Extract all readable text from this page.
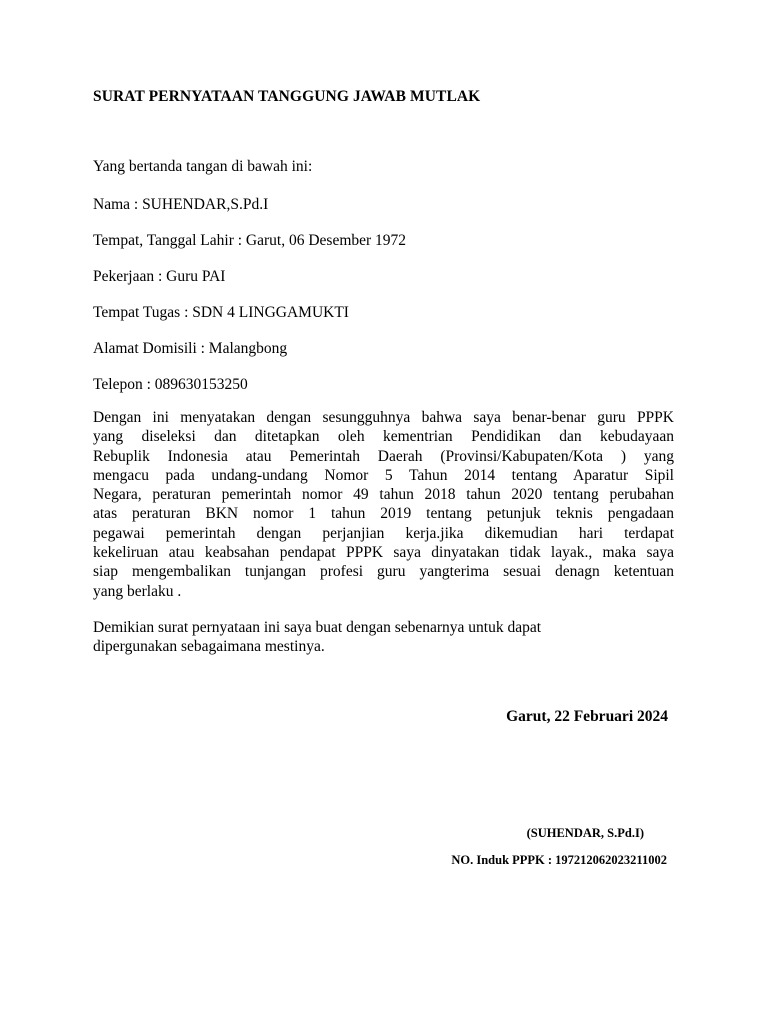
SURAT PERNYATAAN TANGGUNG JAWAB MUTLAK
Yang bertanda tangan di bawah ini:
Nama : SUHENDAR,S.Pd.I
Tempat, Tanggal Lahir : Garut, 06 Desember 1972
Pekerjaan : Guru PAI
Tempat Tugas : SDN 4 LINGGAMUKTI
Alamat Domisili : Malangbong
Telepon : 089630153250
Dengan ini menyatakan dengan sesungguhnya bahwa saya benar-benar guru PPPK
yang diseleksi dan ditetapkan oleh kementrian Pendidikan dan kebudayaan
Rebuplik Indonesia atau Pemerintah Daerah (Provinsi/Kabupaten/Kota ) yang
mengacu pada undang-undang Nomor 5 Tahun 2014 tentang Aparatur Sipil
Negara, peraturan pemerintah nomor 49 tahun 2018 tahun 2020 tentang perubahan
atas peraturan BKN nomor 1 tahun 2019 tentang petunjuk teknis pengadaan
pegawai pemerintah dengan perjanjian kerja.jika dikemudian hari terdapat
kekeliruan atau keabsahan pendapat PPPK saya dinyatakan tidak layak., maka saya
siap mengembalikan tunjangan profesi guru yangterima sesuai denagn ketentuan
yang berlaku .
Demikian surat pernyataan ini saya buat dengan sebenarnya untuk dapat
dipergunakan sebagaimana mestinya.
Garut, 22 Februari 2024
(SUHENDAR, S.Pd.I)
NO. Induk PPPK : 197212062023211002
